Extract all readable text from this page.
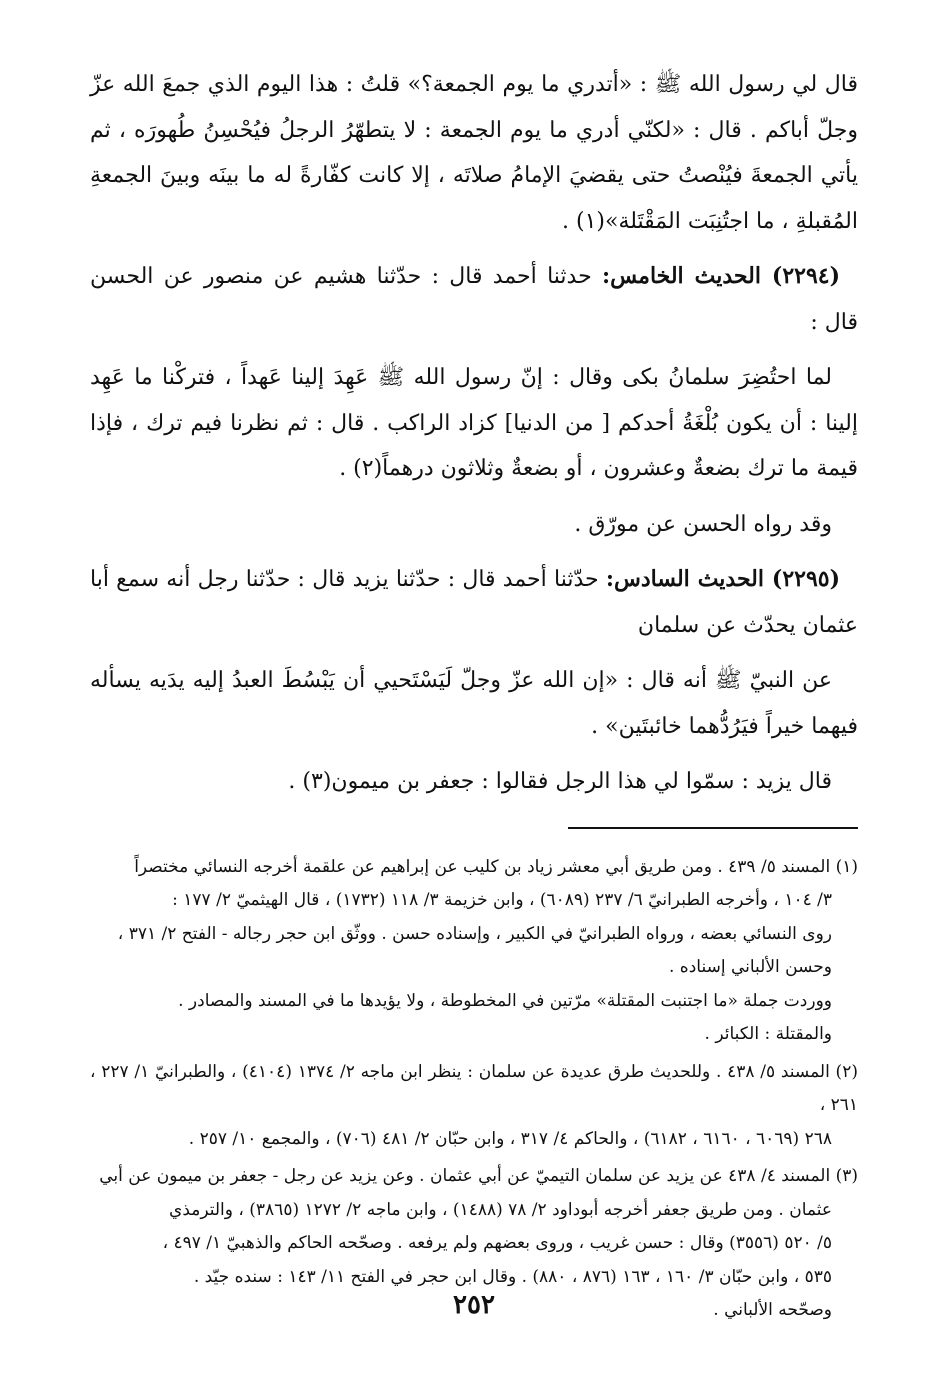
قال لي رسول الله ﷺ : «أتدري ما يوم الجمعة؟» قلتُ : هذا اليوم الذي جمعَ الله عزّ وجلّ أباكم . قال : «لكنّي أدري ما يوم الجمعة : لا يتطهّرُ الرجلُ فيُحْسِنُ طُهورَه ، ثم يأتي الجمعةَ فيُنْصتُ حتى يقضيَ الإمامُ صلاتَه ، إلا كانت كفّارةً له ما بينَه وبينَ الجمعةِ المُقبلةِ ، ما اجتُنِبَت المَقْتَلة»(١) .

(٢٢٩٤) الحديث الخامس: حدثنا أحمد قال : حدّثنا هشيم عن منصور عن الحسن قال :

لما احتُضِرَ سلمانُ بكى وقال : إنّ رسول الله ﷺ عَهِدَ إلينا عَهداً ، فتركْنا ما عَهِد إلينا : أن يكون بُلْغَةُ أحدكم [ من الدنيا] كزاد الراكب . قال : ثم نظرنا فيم ترك ، فإذا قيمة ما ترك بضعةٌ وعشرون ، أو بضعةٌ وثلاثون درهماً(٢) .

وقد رواه الحسن عن مورّق .

(٢٢٩٥) الحديث السادس: حدّثنا أحمد قال : حدّثنا يزيد قال : حدّثنا رجل أنه سمع أبا عثمان يحدّث عن سلمان

عن النبيّ ﷺ أنه قال : «إن الله عزّ وجلّ لَيَسْتَحيي أن يَبْسُطَ العبدُ إليه يدَيه يسأله فيهما خيراً فيَرُدُّهما خائبتَين» .

قال يزيد : سمّوا لي هذا الرجل فقالوا : جعفر بن ميمون(٣) .

(١) المسند ٥/ ٤٣٩ . ومن طريق أبي معشر زياد بن كليب عن إبراهيم عن علقمة أخرجه النسائي مختصراً
٣/ ١٠٤ ، وأخرجه الطبرانيّ ٦/ ٢٣٧ (٦٠٨٩) ، وابن خزيمة ٣/ ١١٨ (١٧٣٢) ، قال الهيثميّ ٢/ ١٧٧ :
روى النسائي بعضه ، ورواه الطبرانيّ في الكبير ، وإسناده حسن . ووثّق ابن حجر رجاله - الفتح ٢/ ٣٧١ ،
وحسن الألباني إسناده .
ووردت جملة «ما اجتنبت المقتلة» مرّتين في المخطوطة ، ولا يؤيدها ما في المسند والمصادر .
والمقتلة : الكبائر .
(٢) المسند ٥/ ٤٣٨ . وللحديث طرق عديدة عن سلمان : ينظر ابن ماجه ٢/ ١٣٧٤ (٤١٠٤) ، والطبرانيّ ١/ ٢٢٧ ، ٢٦١ ،
٢٦٨ (٦٠٦٩ ، ٦١٦٠ ، ٦١٨٢) ، والحاكم ٤/ ٣١٧ ، وابن حبّان ٢/ ٤٨١ (٧٠٦) ، والمجمع ١٠/ ٢٥٧ .
(٣) المسند ٤/ ٤٣٨ عن يزيد عن سلمان التيميّ عن أبي عثمان . وعن يزيد عن رجل - جعفر بن ميمون عن أبي
عثمان . ومن طريق جعفر أخرجه أبوداود ٢/ ٧٨ (١٤٨٨) ، وابن ماجه ٢/ ١٢٧٢ (٣٨٦٥) ، والترمذي
٥/ ٥٢٠ (٣٥٥٦) وقال : حسن غريب ، وروى بعضهم ولم يرفعه . وصحّحه الحاكم والذهبيّ ١/ ٤٩٧ ،
٥٣٥ ، وابن حبّان ٣/ ١٦٠ ، ١٦٣ (٨٧٦ ، ٨٨٠) . وقال ابن حجر في الفتح ١١/ ١٤٣ : سنده جيّد .
وصحّحه الألباني .
٢٥٢
